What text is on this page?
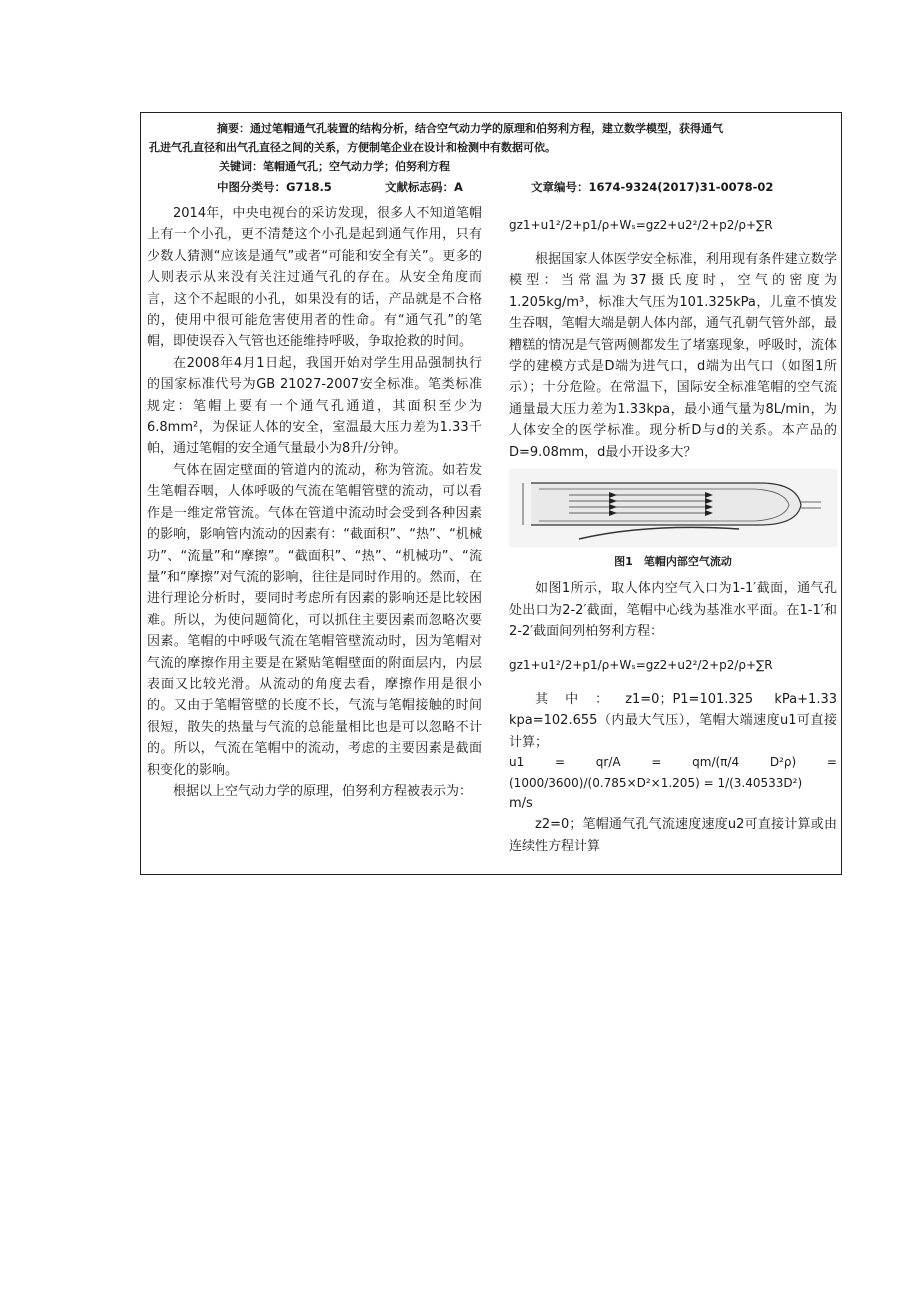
摘要：通过笔帽通气孔装置的结构分析，结合空气动力学的原理和伯努利方程，建立数学模型，获得通气

孔进气孔直径和出气孔直径之间的关系，方便制笔企业在设计和检测中有数据可依。

关键词：笔帽通气孔；空气动力学；伯努利方程

中图分类号：G718.5	文献标志码：A	文章编号：1674-9324(2017)31-0078-02

2014年，中央电视台的采访发现，很多人不知道笔帽上有一个小孔，更不清楚这个小孔是起到通气作用，只有少数人猜测“应该是通气”或者“可能和安全有关”。更多的人则表示从来没有关注过通气孔的存在。从安全角度而言，这个不起眼的小孔，如果没有的话，产品就是不合格的，使用中很可能危害使用者的性命。有“通气孔”的笔帽，即使误吞入气管也还能维持呼吸，争取抢救的时间。

在2008年4月1日起，我国开始对学生用品强制执行的国家标准代号为GB 21027-2007安全标准。笔类标准规定：笔帽上要有一个通气孔通道，其面积至少为6.8mm²，为保证人体的安全，室温最大压力差为1.33千帕，通过笔帽的安全通气量最小为8升/分钟。

气体在固定壁面的管道内的流动，称为管流。如若发生笔帽吞咽，人体呼吸的气流在笔帽管壁的流动，可以看作是一维定常管流。气体在管道中流动时会受到各种因素的影响，影响管内流动的因素有：“截面积”、“热”、“机械功”、“流量”和“摩擦”。“截面积”、“热”、“机械功”、“流量”和“摩擦”对气流的影响，往往是同时作用的。然而，在进行理论分析时，要同时考虑所有因素的影响还是比较困难。所以，为使问题简化，可以抓住主要因素而忽略次要因素。笔帽的中呼吸气流在笔帽管壁流动时，因为笔帽对气流的摩擦作用主要是在紧贴笔帽壁面的附面层内，内层表面又比较光滑。从流动的角度去看，摩擦作用是很小的。又由于笔帽管壁的长度不长，气流与笔帽接触的时间很短，散失的热量与气流的总能量相比也是可以忽略不计的。所以，气流在笔帽中的流动，考虑的主要因素是截面积变化的影响。

根据以上空气动力学的原理，伯努利方程被表示为：

gz1+u1²/2+p1/ρ+Wₛ=gz2+u2²/2+p2/ρ+∑R

根据国家人体医学安全标准，利用现有条件建立数学模型：当常温为37摄氏度时，空气的密度为1.205kg/m³，标准大气压为101.325kPa，儿童不慎发生吞咽，笔帽大端是朝人体内部，通气孔朝气管外部，最糟糕的情况是气管两侧都发生了堵塞现象，呼吸时，流体学的建模方式是D端为进气口，d端为出气口（如图1所示）；十分危险。在常温下，国际安全标准笔帽的空气流通量最大压力差为1.33kpa，最小通气量为8L/min，为人体安全的医学标准。现分析D与d的关系。本产品的D=9.08mm，d最小开设多大？

图1　笔帽内部空气流动

如图1所示，取人体内空气入口为1-1′截面，通气孔处出口为2-2′截面，笔帽中心线为基准水平面。在1-1′和2-2′截面间列柏努利方程：

gz1+u1²/2+p1/ρ+Wₛ=gz2+u2²/2+p2/ρ+∑R

其中：z1=0；P1=101.325 kPa+1.33 kpa=102.655（内最大气压），笔帽大端速度u1可直接计算；

u1 = qr/A = qm/(π/4 D²ρ) = (1000/3600)/(0.785×D²×1.205) = 1/(3.40533D²)

m/s

z2=0；笔帽通气孔气流速度速度u2可直接计算或由连续性方程计算
